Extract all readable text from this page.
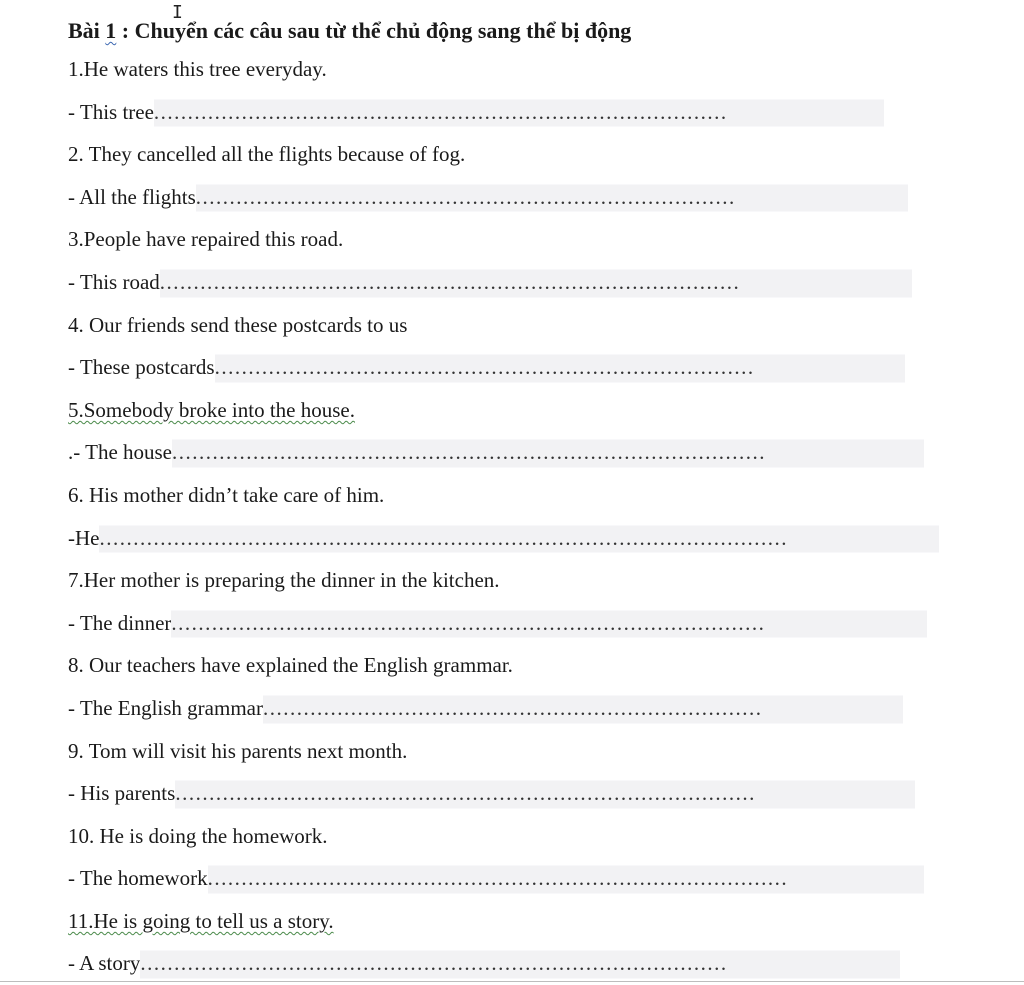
I
Bài 1 : Chuyển các câu sau từ thể chủ động sang thể bị động
1.He waters this tree everyday.
- This tree .....................................................................................
2. They cancelled all the flights because of fog.
- All the flights ................................................................................
3.People have repaired this road.
- This road ......................................................................................
4. Our friends send these postcards to us
- These postcards ................................................................................
5.Somebody broke into the house.
.- The house ........................................................................................
6. His mother didn’t take care of him.
-He ......................................................................................................
7.Her mother is preparing the dinner in the kitchen.
- The dinner ........................................................................................
8. Our teachers have explained the English grammar.
- The English grammar ..........................................................................
9. Tom will visit his parents next month.
- His parents ......................................................................................
10. He is doing the homework.
- The homework ......................................................................................
11.He is going to tell us a story.
- A story .......................................................................................
